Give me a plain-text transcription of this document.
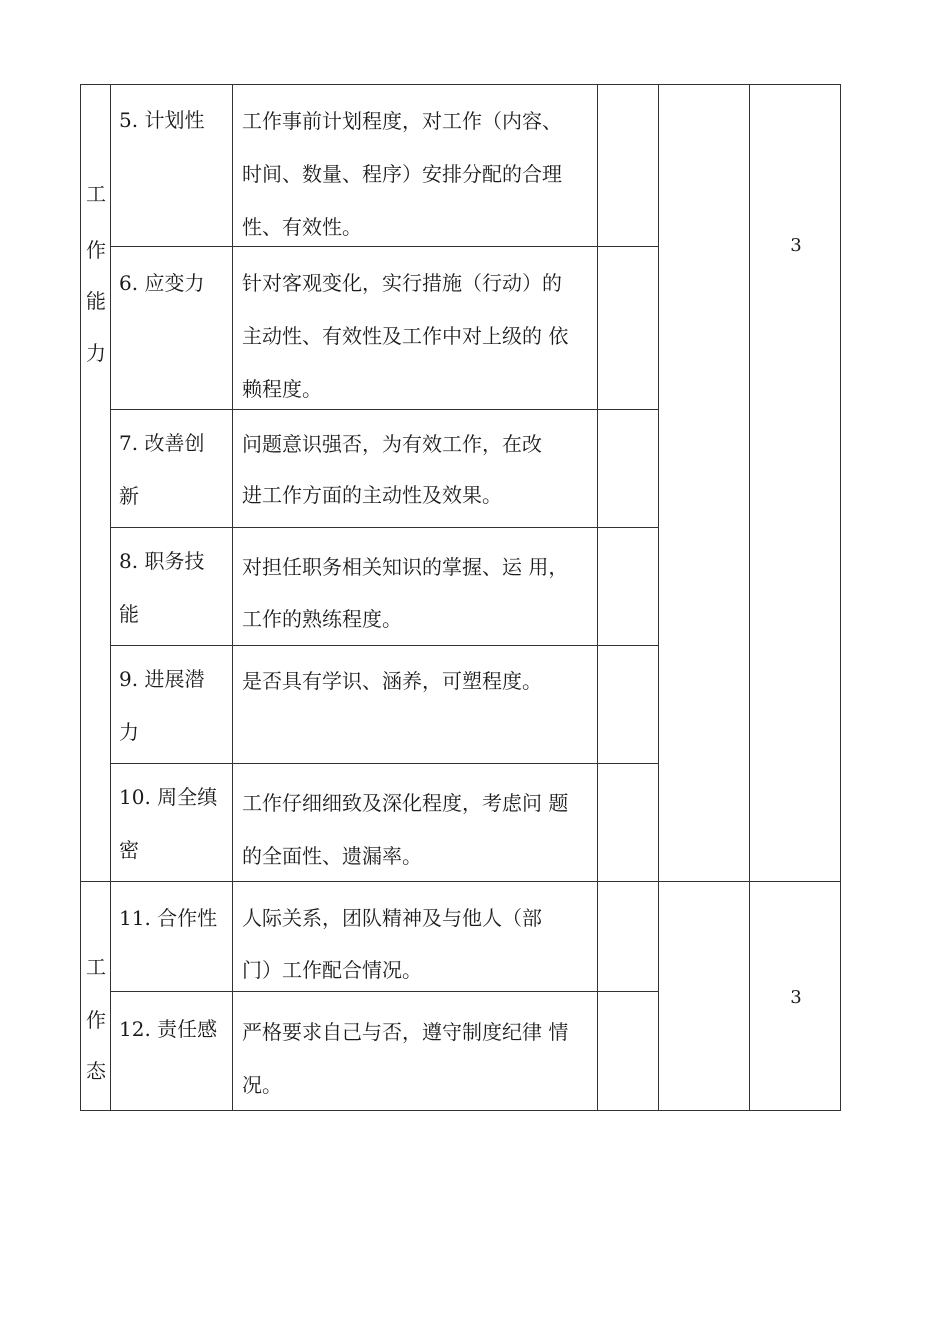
工
作
能
力
工
作
态
3
3
5. 计划性 工作事前计划程度，对工作（内容、
时间、数量、程序）安排分配的合理
性、有效性。
6. 应变力 针对客观变化，实行措施（行动）的
主动性、有效性及工作中对上级的 依
赖程度。
7. 改善创
新
问题意识强否，为有效工作，在改
进工作方面的主动性及效果。
8. 职务技
能
对担任职务相关知识的掌握、运 用，
工作的熟练程度。
9. 进展潜
力
是否具有学识、涵养，可塑程度。
10. 周全缜
密
工作仔细细致及深化程度，考虑问 题
的全面性、遗漏率。
11. 合作性 人际关系，团队精神及与他人（部
门）工作配合情况。
12. 责任感 严格要求自己与否，遵守制度纪律 情
况。
